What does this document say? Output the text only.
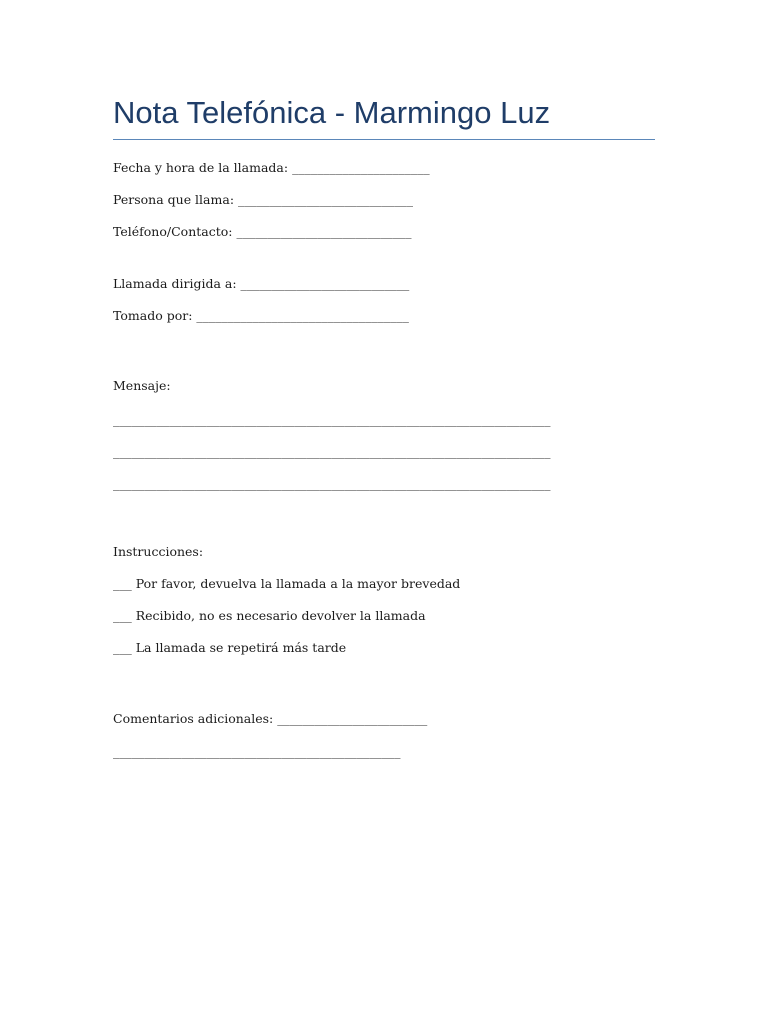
Nota Telefónica - Marmingo Luz

Fecha y hora de la llamada: ______________________

Persona que llama: ____________________________

Teléfono/Contacto: ____________________________

Llamada dirigida a: ___________________________

Tomado por: __________________________________

Mensaje:

______________________________________________________________________

______________________________________________________________________

______________________________________________________________________

Instrucciones:

___ Por favor, devuelva la llamada a la mayor brevedad

___ Recibido, no es necesario devolver la llamada

___ La llamada se repetirá más tarde

Comentarios adicionales: ________________________

______________________________________________
